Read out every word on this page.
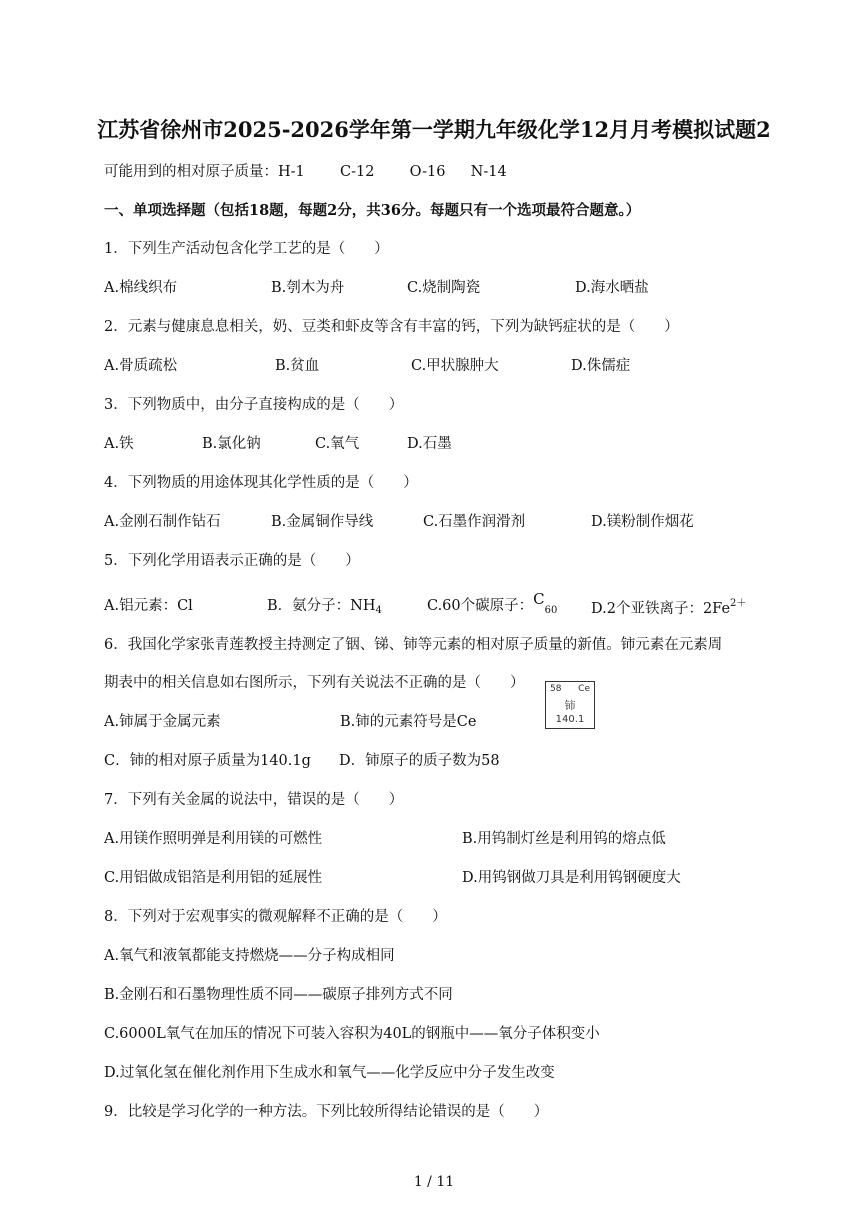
江苏省徐州市2025-2026学年第一学期九年级化学12月月考模拟试题2
可能用到的相对原子质量：H-1 C-12 O-16 N-14
一、单项选择题（包括18题，每题2分，共36分。每题只有一个选项最符合题意。）
1．下列生产活动包含化学工艺的是（　　）
A.棉线织布	B.刳木为舟	C.烧制陶瓷	D.海水晒盐
2．元素与健康息息相关，奶、豆类和虾皮等含有丰富的钙，下列为缺钙症状的是（　　）
A.骨质疏松	B.贫血	C.甲状腺肿大	D.侏儒症
3．下列物质中，由分子直接构成的是（　　）
A.铁	B.氯化钠	C.氧气	D.石墨
4．下列物质的用途体现其化学性质的是（　　）
A.金刚石制作钻石	B.金属铜作导线	C.石墨作润滑剂	D.镁粉制作烟花
5．下列化学用语表示正确的是（　　）
A.铝元素：Cl	B．氨分子：$NH_4$	C.60个碳原子：$C_{60}$ D.2个亚铁离子：$2Fe^{2+}$
6．我国化学家张青莲教授主持测定了铟、锑、铈等元素的相对原子质量的新值。铈元素在元素周
期表中的相关信息如右图所示，下列有关说法不正确的是（　　）	58 Ce
铈
140.1
A.铈属于金属元素	B.铈的元素符号是Ce
C．铈的相对原子质量为140.1g D．铈原子的质子数为58
7．下列有关金属的说法中，错误的是（　　）
A.用镁作照明弹是利用镁的可燃性	B.用钨制灯丝是利用钨的熔点低
C.用铝做成铝箔是利用铝的延展性	D.用钨钢做刀具是利用钨钢硬度大
8．下列对于宏观事实的微观解释不正确的是（　　）
A.氧气和液氧都能支持燃烧——分子构成相同
B.金刚石和石墨物理性质不同——碳原子排列方式不同
C.6000L氧气在加压的情况下可装入容积为40L的钢瓶中——氧分子体积变小
D.过氧化氢在催化剂作用下生成水和氧气——化学反应中分子发生改变
9．比较是学习化学的一种方法。下列比较所得结论错误的是（　　）
1 / 11
